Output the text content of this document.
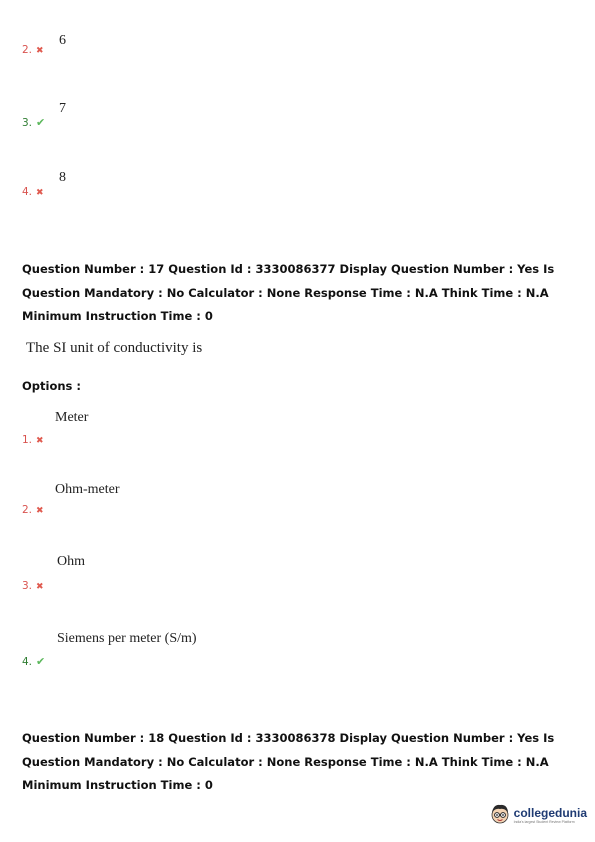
2. ✖
6
3. ✔
7
4. ✖
8
Question Number : 17 Question Id : 3330086377 Display Question Number : Yes Is Question Mandatory : No Calculator : None Response Time : N.A Think Time : N.A Minimum Instruction Time : 0
The SI unit of conductivity is
Options :
Meter
1. ✖
Ohm-meter
2. ✖
Ohm
3. ✖
Siemens per meter (S/m)
4. ✔
Question Number : 18 Question Id : 3330086378 Display Question Number : Yes Is Question Mandatory : No Calculator : None Response Time : N.A Think Time : N.A Minimum Instruction Time : 0
collegedunia
India's largest Student Review Platform
